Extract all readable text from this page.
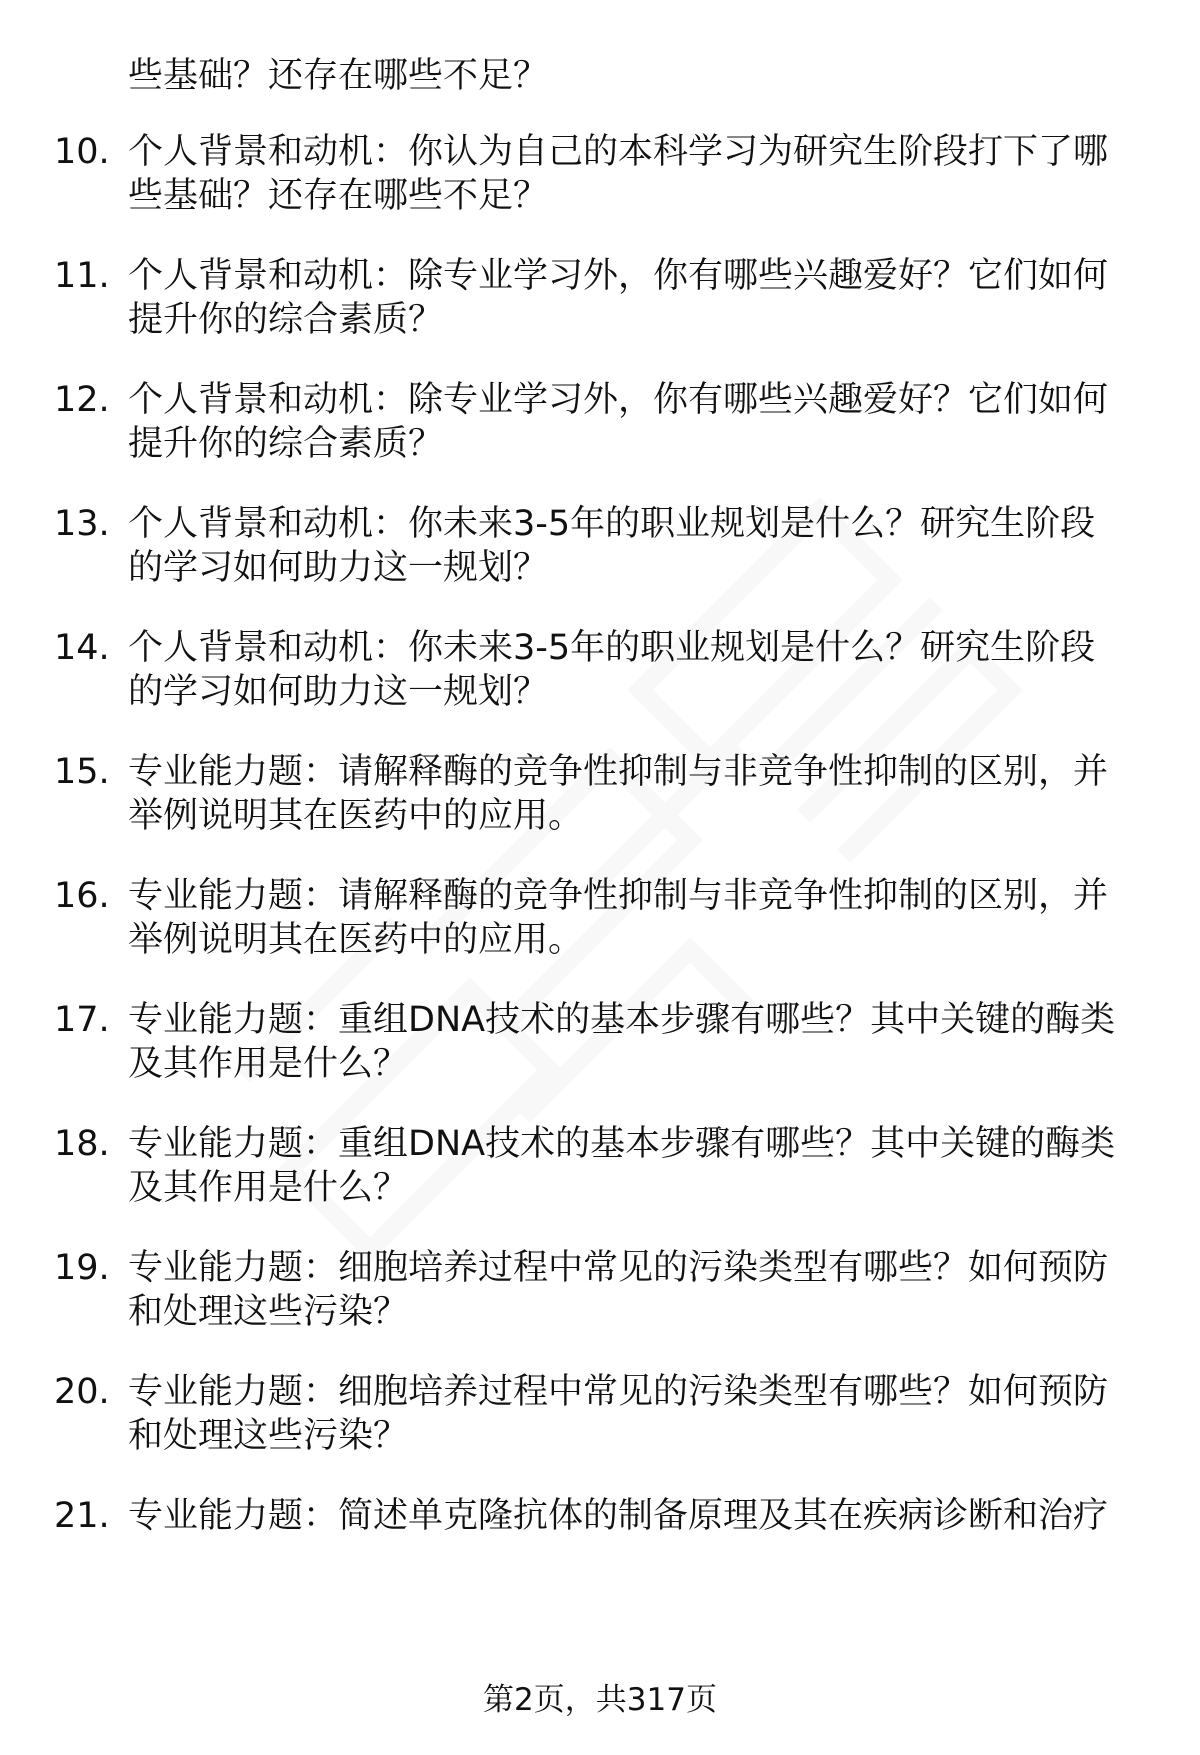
些基础？还存在哪些不足？
10. 个人背景和动机：你认为自己的本科学习为研究生阶段打下了哪
些基础？还存在哪些不足？
11. 个人背景和动机：除专业学习外，你有哪些兴趣爱好？它们如何
提升你的综合素质？
12. 个人背景和动机：除专业学习外，你有哪些兴趣爱好？它们如何
提升你的综合素质？
13. 个人背景和动机：你未来3-5年的职业规划是什么？研究生阶段
的学习如何助力这一规划？
14. 个人背景和动机：你未来3-5年的职业规划是什么？研究生阶段
的学习如何助力这一规划？
15. 专业能力题：请解释酶的竞争性抑制与非竞争性抑制的区别，并
举例说明其在医药中的应用。
16. 专业能力题：请解释酶的竞争性抑制与非竞争性抑制的区别，并
举例说明其在医药中的应用。
17. 专业能力题：重组DNA技术的基本步骤有哪些？其中关键的酶类
及其作用是什么？
18. 专业能力题：重组DNA技术的基本步骤有哪些？其中关键的酶类
及其作用是什么？
19. 专业能力题：细胞培养过程中常见的污染类型有哪些？如何预防
和处理这些污染？
20. 专业能力题：细胞培养过程中常见的污染类型有哪些？如何预防
和处理这些污染？
21. 专业能力题：简述单克隆抗体的制备原理及其在疾病诊断和治疗
第2页，共317页
